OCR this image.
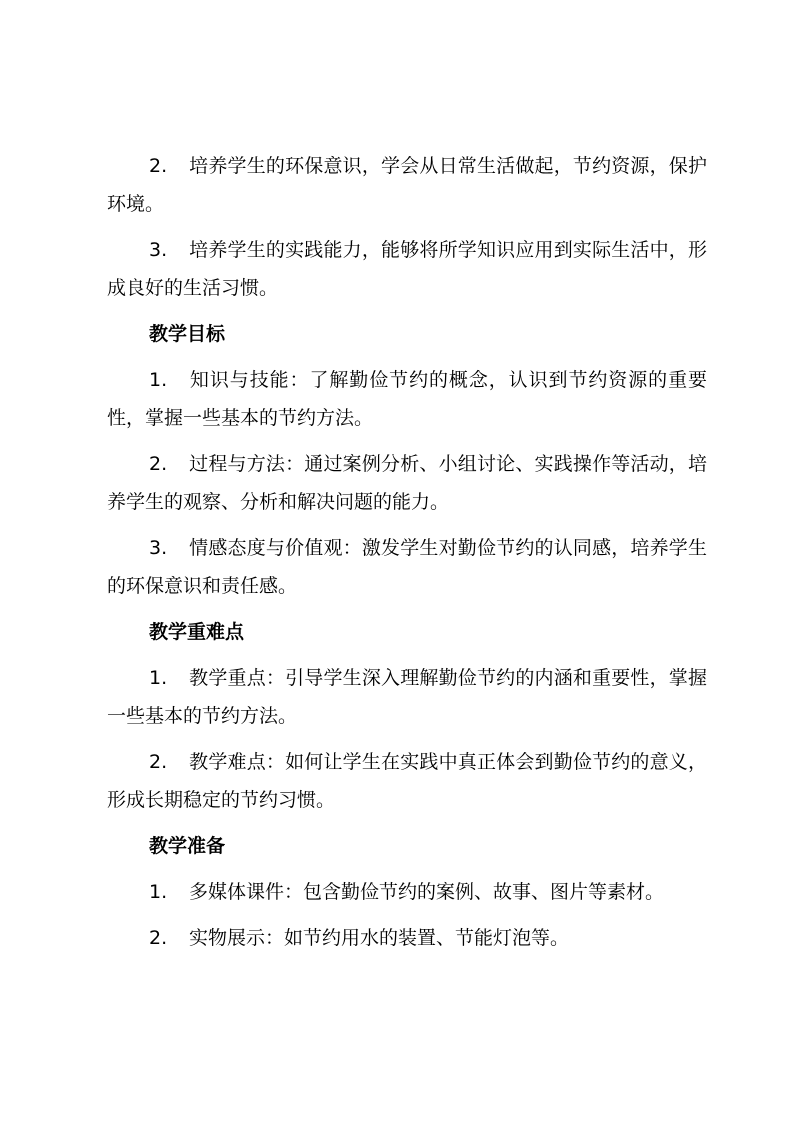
2. 培养学生的环保意识，学会从日常生活做起，节约资源，保护环境。

3. 培养学生的实践能力，能够将所学知识应用到实际生活中，形成良好的生活习惯。

教学目标

1. 知识与技能：了解勤俭节约的概念，认识到节约资源的重要性，掌握一些基本的节约方法。

2. 过程与方法：通过案例分析、小组讨论、实践操作等活动，培养学生的观察、分析和解决问题的能力。

3. 情感态度与价值观：激发学生对勤俭节约的认同感，培养学生的环保意识和责任感。

教学重难点

1. 教学重点：引导学生深入理解勤俭节约的内涵和重要性，掌握一些基本的节约方法。

2. 教学难点：如何让学生在实践中真正体会到勤俭节约的意义，形成长期稳定的节约习惯。

教学准备

1. 多媒体课件：包含勤俭节约的案例、故事、图片等素材。

2. 实物展示：如节约用水的装置、节能灯泡等。
